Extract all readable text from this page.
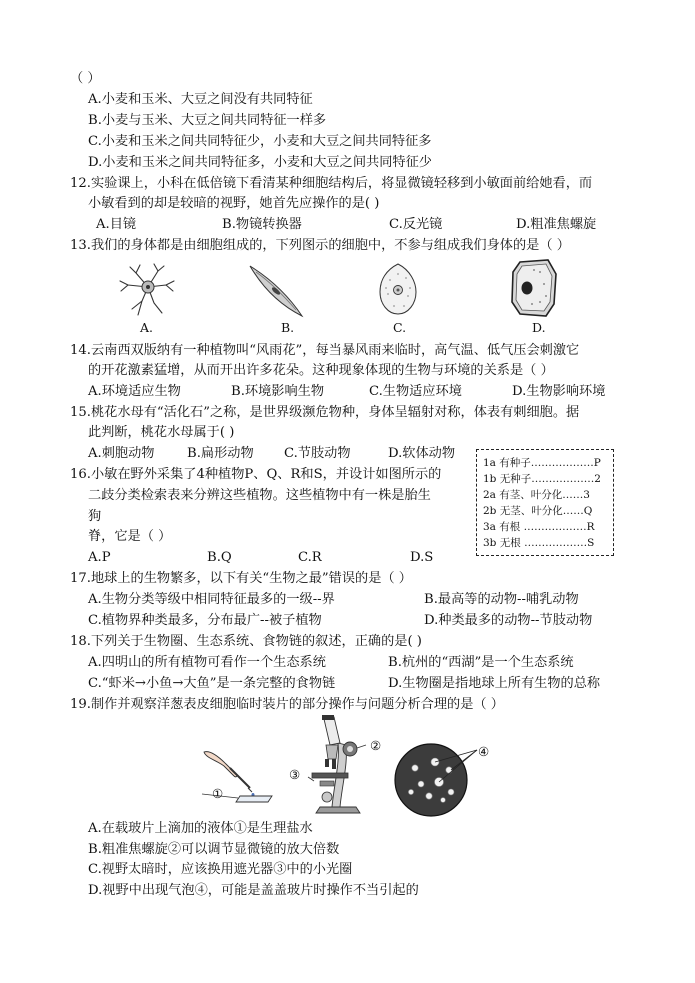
（ ）
A.小麦和玉米、大豆之间没有共同特征
B.小麦与玉米、大豆之间共同特征一样多
C.小麦和玉米之间共同特征少，小麦和大豆之间共同特征多
D.小麦和玉米之间共同特征多，小麦和大豆之间共同特征少
12.实验课上，小科在低倍镜下看清某种细胞结构后，将显微镜轻移到小敏面前给她看，而
小敏看到的却是较暗的视野，她首先应操作的是( )
A.目镜	B.物镜转换器	C.反光镜	D.粗准焦螺旋
13.我们的身体都是由细胞组成的，下列图示的细胞中，不参与组成我们身体的是（ ）
A.	B.	C.	D.
14.云南西双版纳有一种植物叫“风雨花”，每当暴风雨来临时，高气温、低气压会刺激它
的开花激素猛增，从而开出许多花朵。这种现象体现的生物与环境的关系是（ ）
A.环境适应生物	B.环境影响生物	C.生物适应环境	D.生物影响环境
15.桃花水母有“活化石”之称，是世界级濒危物种，身体呈辐射对称，体表有刺细胞。据
此判断，桃花水母属于( )
A.刺胞动物 B.扁形动物 C.节肢动物	D.软体动物
16.小敏在野外采集了4种植物P、Q、R和S，并设计如图所示的
二歧分类检索表来分辨这些植物。这些植物中有一株是胎生
狗
脊，它是（ ）
A.P	B.Q	C.R	D.S
1a 有种子………………P
1b 无种子………………2
2a 有茎、叶分化……3
2b 无茎、叶分化……Q
3a 有根 ………………R
3b 无根 ………………S
17.地球上的生物繁多，以下有关“生物之最”错误的是（ ）
A.生物分类等级中相同特征最多的一级--界	B.最高等的动物--哺乳动物
C.植物界种类最多，分布最广--被子植物	D.种类最多的动物--节肢动物
18.下列关于生物圈、生态系统、食物链的叙述，正确的是( )
A.四明山的所有植物可看作一个生态系统	B.杭州的“西湖”是一个生态系统
C.“虾米→小鱼→大鱼”是一条完整的食物链	D.生物圈是指地球上所有生物的总称
19.制作并观察洋葱表皮细胞临时装片的部分操作与问题分析合理的是（ ）
①
②
③
④
A.在载玻片上滴加的液体①是生理盐水
B.粗准焦螺旋②可以调节显微镜的放大倍数
C.视野太暗时，应该换用遮光器③中的小光圈
D.视野中出现气泡④，可能是盖盖玻片时操作不当引起的
